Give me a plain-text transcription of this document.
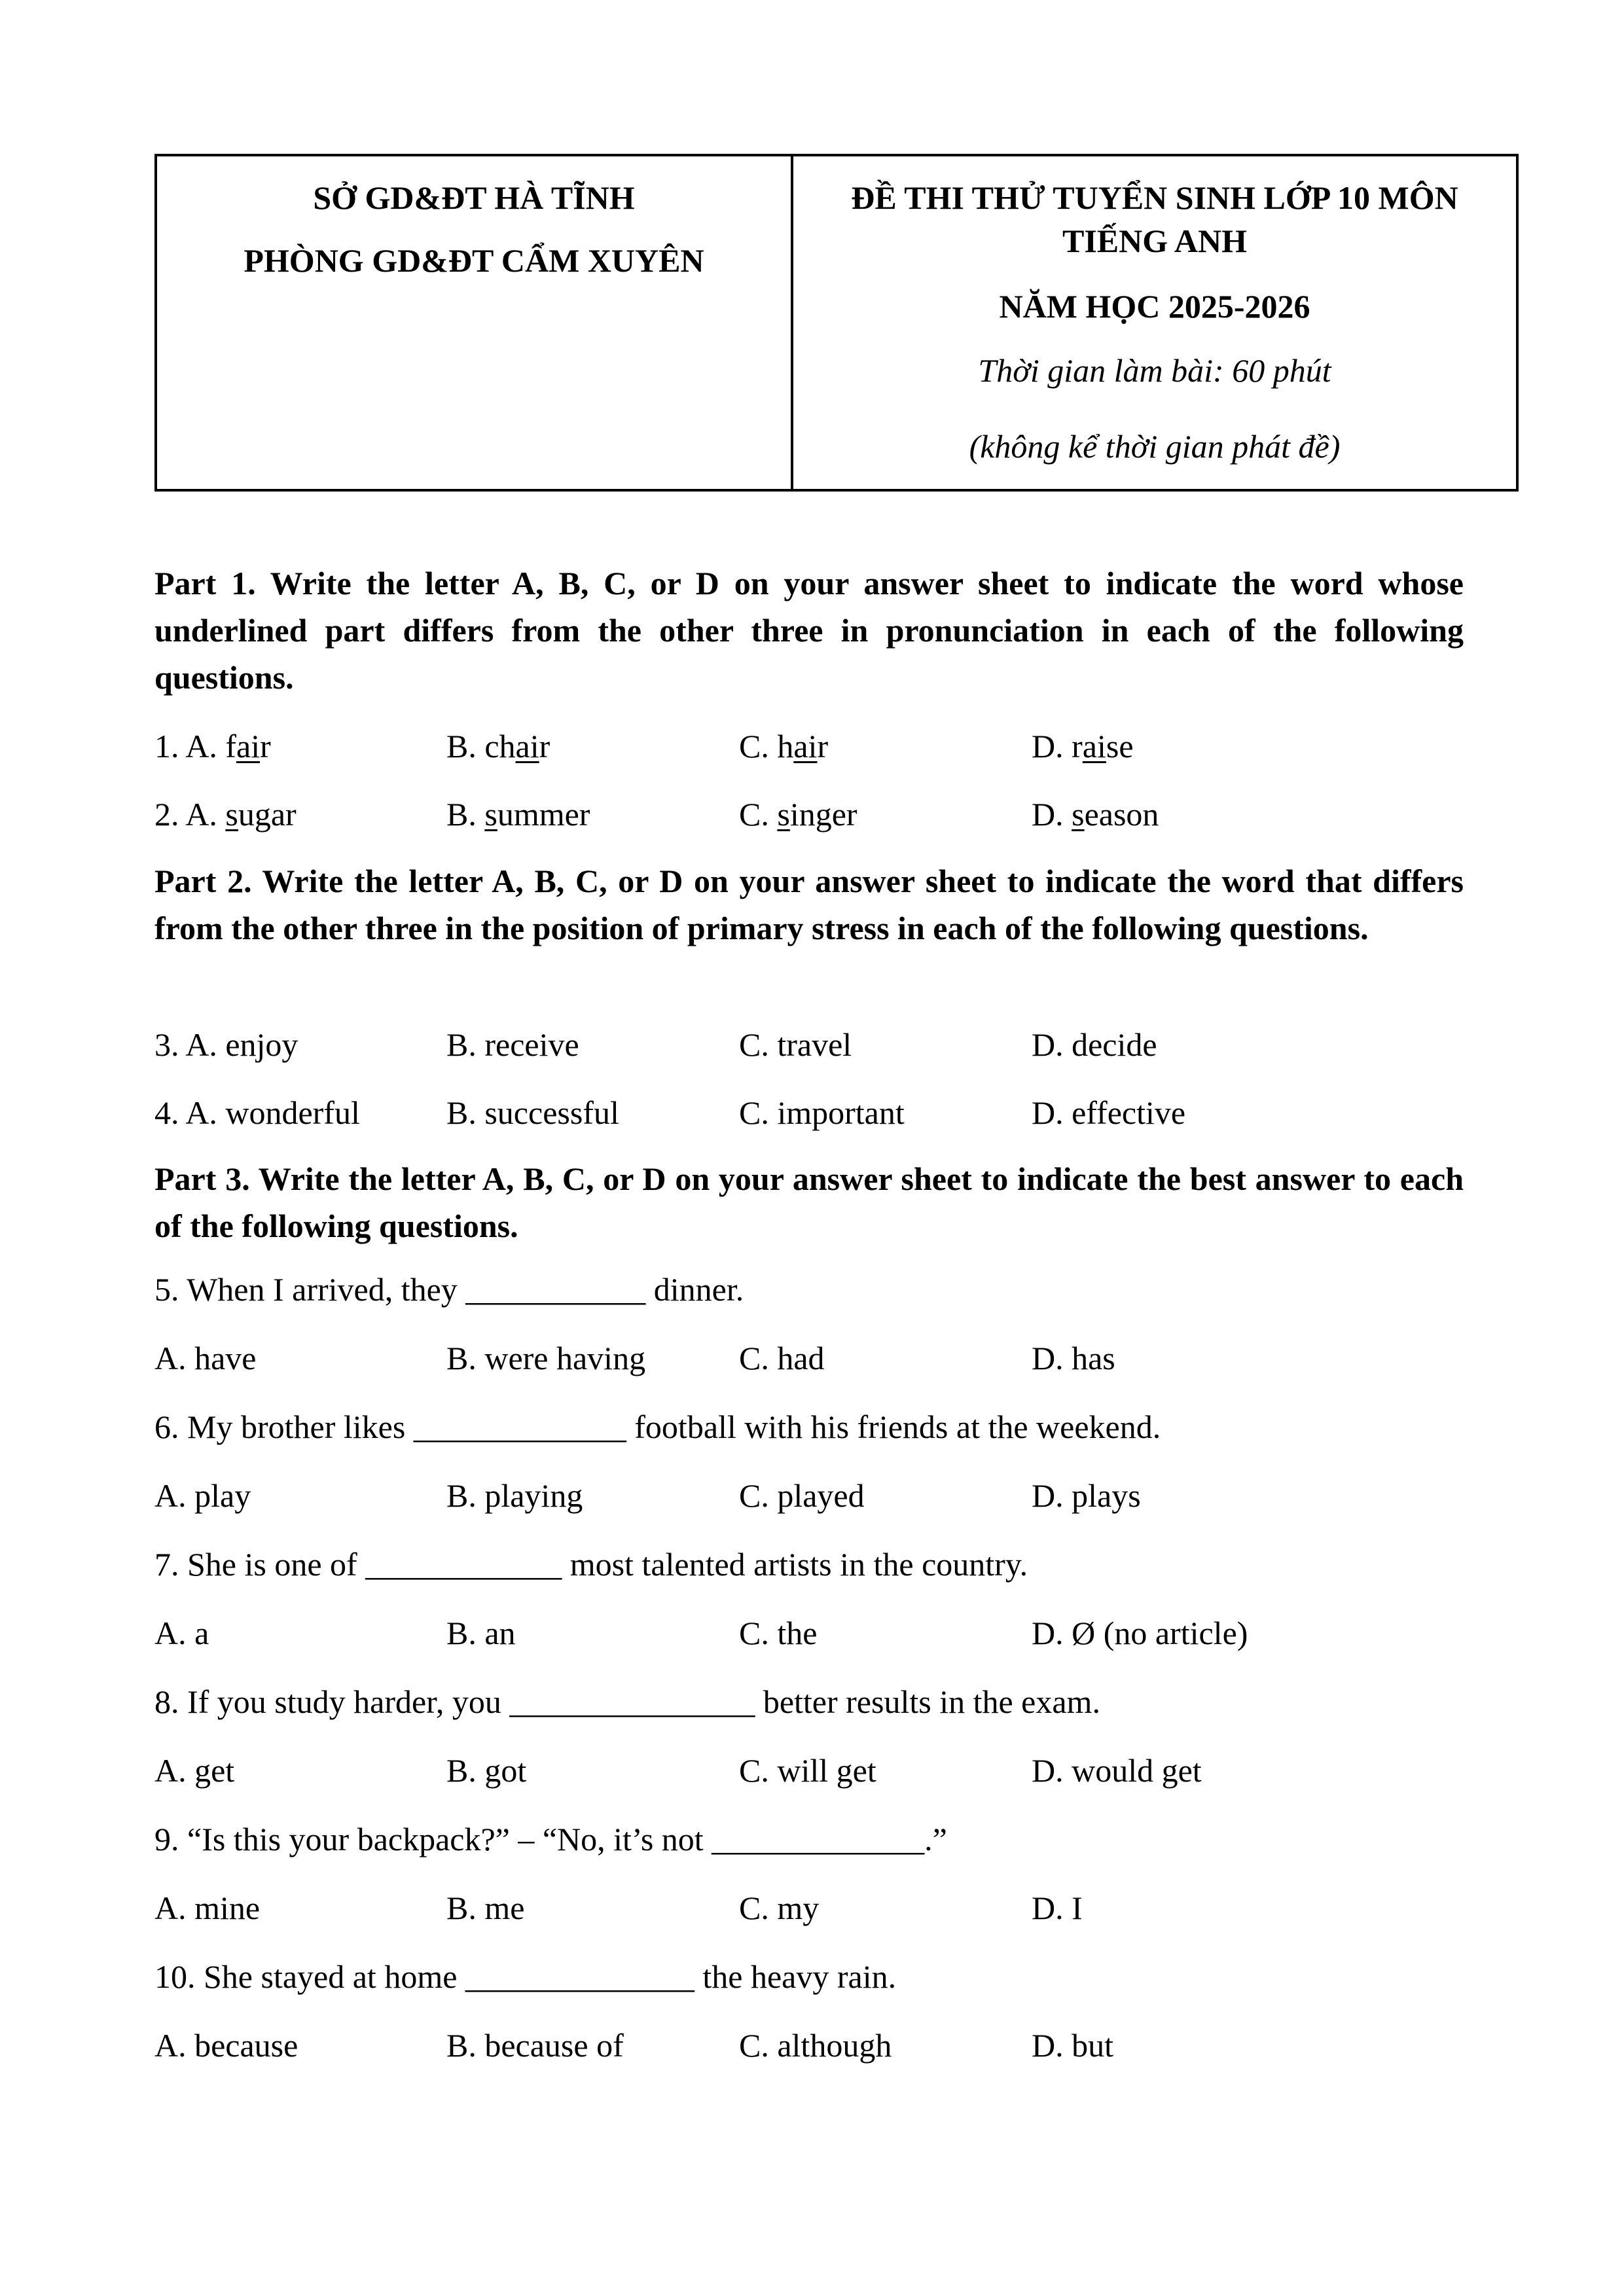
SỞ GD&ĐT HÀ TĨNH

PHÒNG GD&ĐT CẨM XUYÊN

ĐỀ THI THỬ TUYỂN SINH LỚP 10 MÔN

TIẾNG ANH

NĂM HỌC 2025-2026

Thời gian làm bài: 60 phút

(không kể thời gian phát đề)

Part 1. Write the letter A, B, C, or D on your answer sheet to indicate the word whose underlined part differs from the other three in pronunciation in each of the following questions.

1. A. fair	B. chair	C. hair	D. raise
2. A. sugar	B. summer	C. singer	D. season

Part 2. Write the letter A, B, C, or D on your answer sheet to indicate the word that differs from the other three in the position of primary stress in each of the following questions.

3. A. enjoy	B. receive	C. travel	D. decide
4. A. wonderful	B. successful	C. important	D. effective

Part 3. Write the letter A, B, C, or D on your answer sheet to indicate the best answer to each of the following questions.

5. When I arrived, they ___________ dinner.
A. have	B. were having	C. had	D. has
6. My brother likes _____________ football with his friends at the weekend.
A. play	B. playing	C. played	D. plays
7. She is one of ____________ most talented artists in the country.
A. a	B. an	C. the	D. Ø (no article)
8. If you study harder, you _______________ better results in the exam.
A. get	B. got	C. will get	D. would get
9. “Is this your backpack?” – “No, it’s not _____________.”
A. mine	B. me	C. my	D. I
10. She stayed at home ______________ the heavy rain.
A. because	B. because of	C. although	D. but
